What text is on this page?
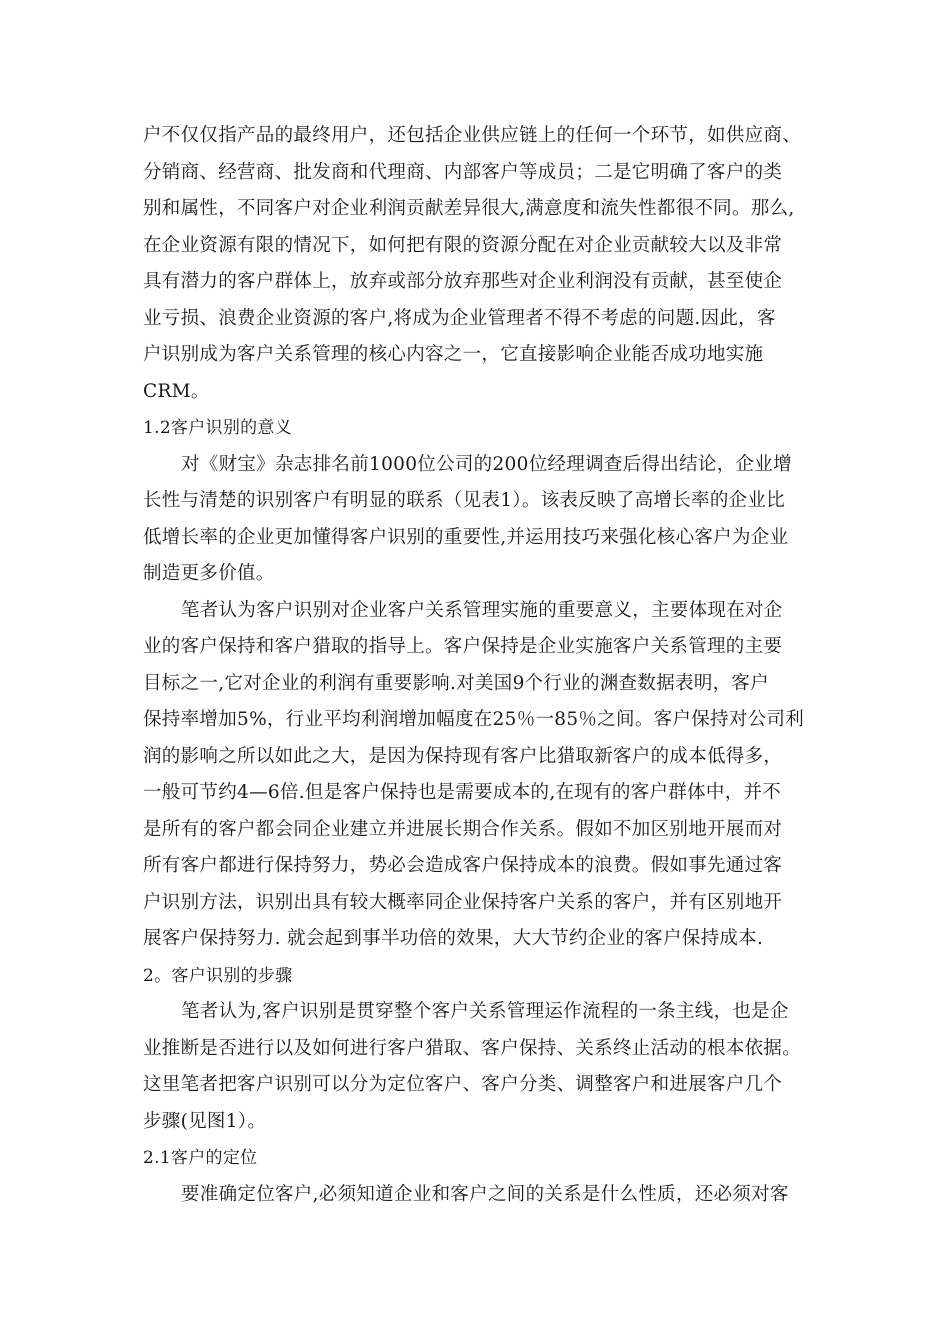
户不仅仅指产品的最终用户，还包括企业供应链上的任何一个环节，如供应商、
分销商、经营商、批发商和代理商、内部客户等成员；二是它明确了客户的类
别和属性，不同客户对企业利润贡献差异很大,满意度和流失性都很不同。那么,
在企业资源有限的情况下，如何把有限的资源分配在对企业贡献较大以及非常
具有潜力的客户群体上，放弃或部分放弃那些对企业利润没有贡献，甚至使企
业亏损、浪费企业资源的客户,将成为企业管理者不得不考虑的问题.因此，客
户识别成为客户关系管理的核心内容之一，它直接影响企业能否成功地实施
CRM。
1.2客户识别的意义
对《财宝》杂志排名前1000位公司的200位经理调查后得出结论，企业增
长性与清楚的识别客户有明显的联系（见表1）。该表反映了高增长率的企业比
低增长率的企业更加懂得客户识别的重要性,并运用技巧来强化核心客户为企业
制造更多价值。
笔者认为客户识别对企业客户关系管理实施的重要意义，主要体现在对企
业的客户保持和客户猎取的指导上。客户保持是企业实施客户关系管理的主要
目标之一,它对企业的利润有重要影响.对美国9个行业的渊查数据表明，客户
保持率增加5%，行业平均利润增加幅度在25％一85％之间。客户保持对公司利
润的影响之所以如此之大，是因为保持现有客户比猎取新客户的成本低得多，
一般可节约4—6倍.但是客户保持也是需要成本的,在现有的客户群体中，并不
是所有的客户都会同企业建立并进展长期合作关系。假如不加区别地开展而对
所有客户都进行保持努力，势必会造成客户保持成本的浪费。假如事先通过客
户识别方法，识别出具有较大概率同企业保持客户关系的客户，并有区别地开
展客户保持努力. 就会起到事半功倍的效果，大大节约企业的客户保持成本.
2。客户识别的步骤
笔者认为,客户识别是贯穿整个客户关系管理运作流程的一条主线，也是企
业推断是否进行以及如何进行客户猎取、客户保持、关系终止活动的根本依据。
这里笔者把客户识别可以分为定位客户、客户分类、调整客户和进展客户几个
步骤(见图1）。
2.1客户的定位
要准确定位客户,必须知道企业和客户之间的关系是什么性质，还必须对客
